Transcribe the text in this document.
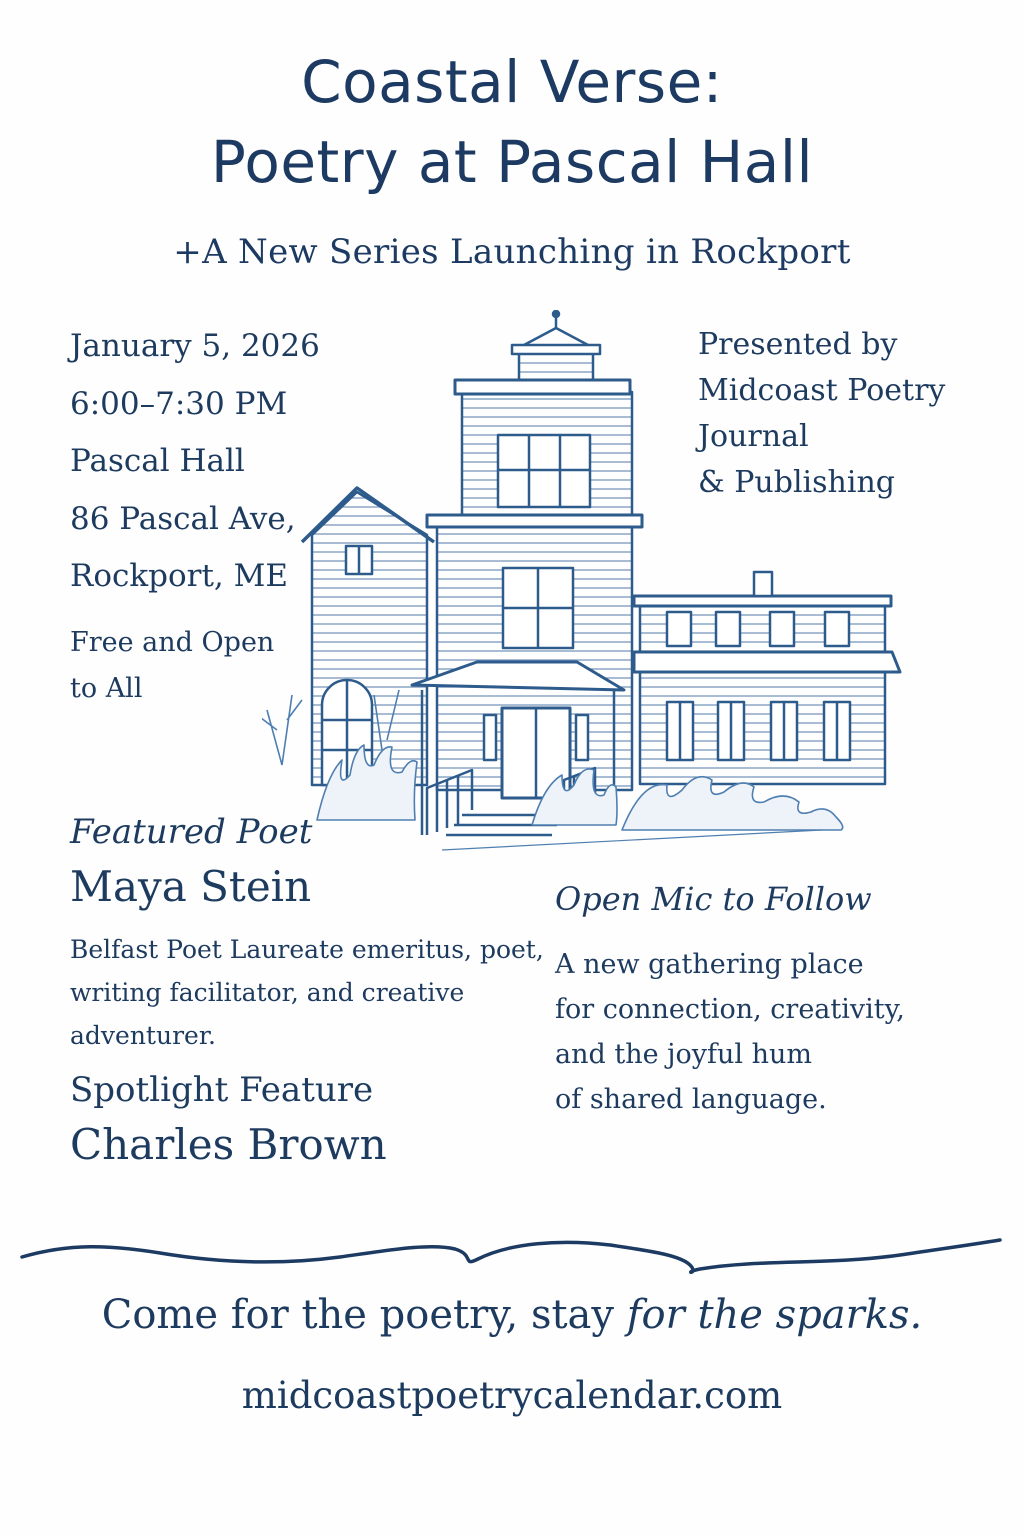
Coastal Verse:
Poetry at Pascal Hall
+A New Series Launching in Rockport
January 5, 2026
6:00–7:30 PM
Pascal Hall
86 Pascal Ave,
Rockport, ME
Free and Open
to All
Presented by
Midcoast Poetry
Journal
& Publishing
Featured Poet
Maya Stein
Belfast Poet Laureate emeritus, poet,
writing facilitator, and creative
adventurer.
Spotlight Feature
Charles Brown
Open Mic to Follow
A new gathering place
for connection, creativity,
and the joyful hum
of shared language.
Come for the poetry, stay for the sparks.
midcoastpoetrycalendar.com
